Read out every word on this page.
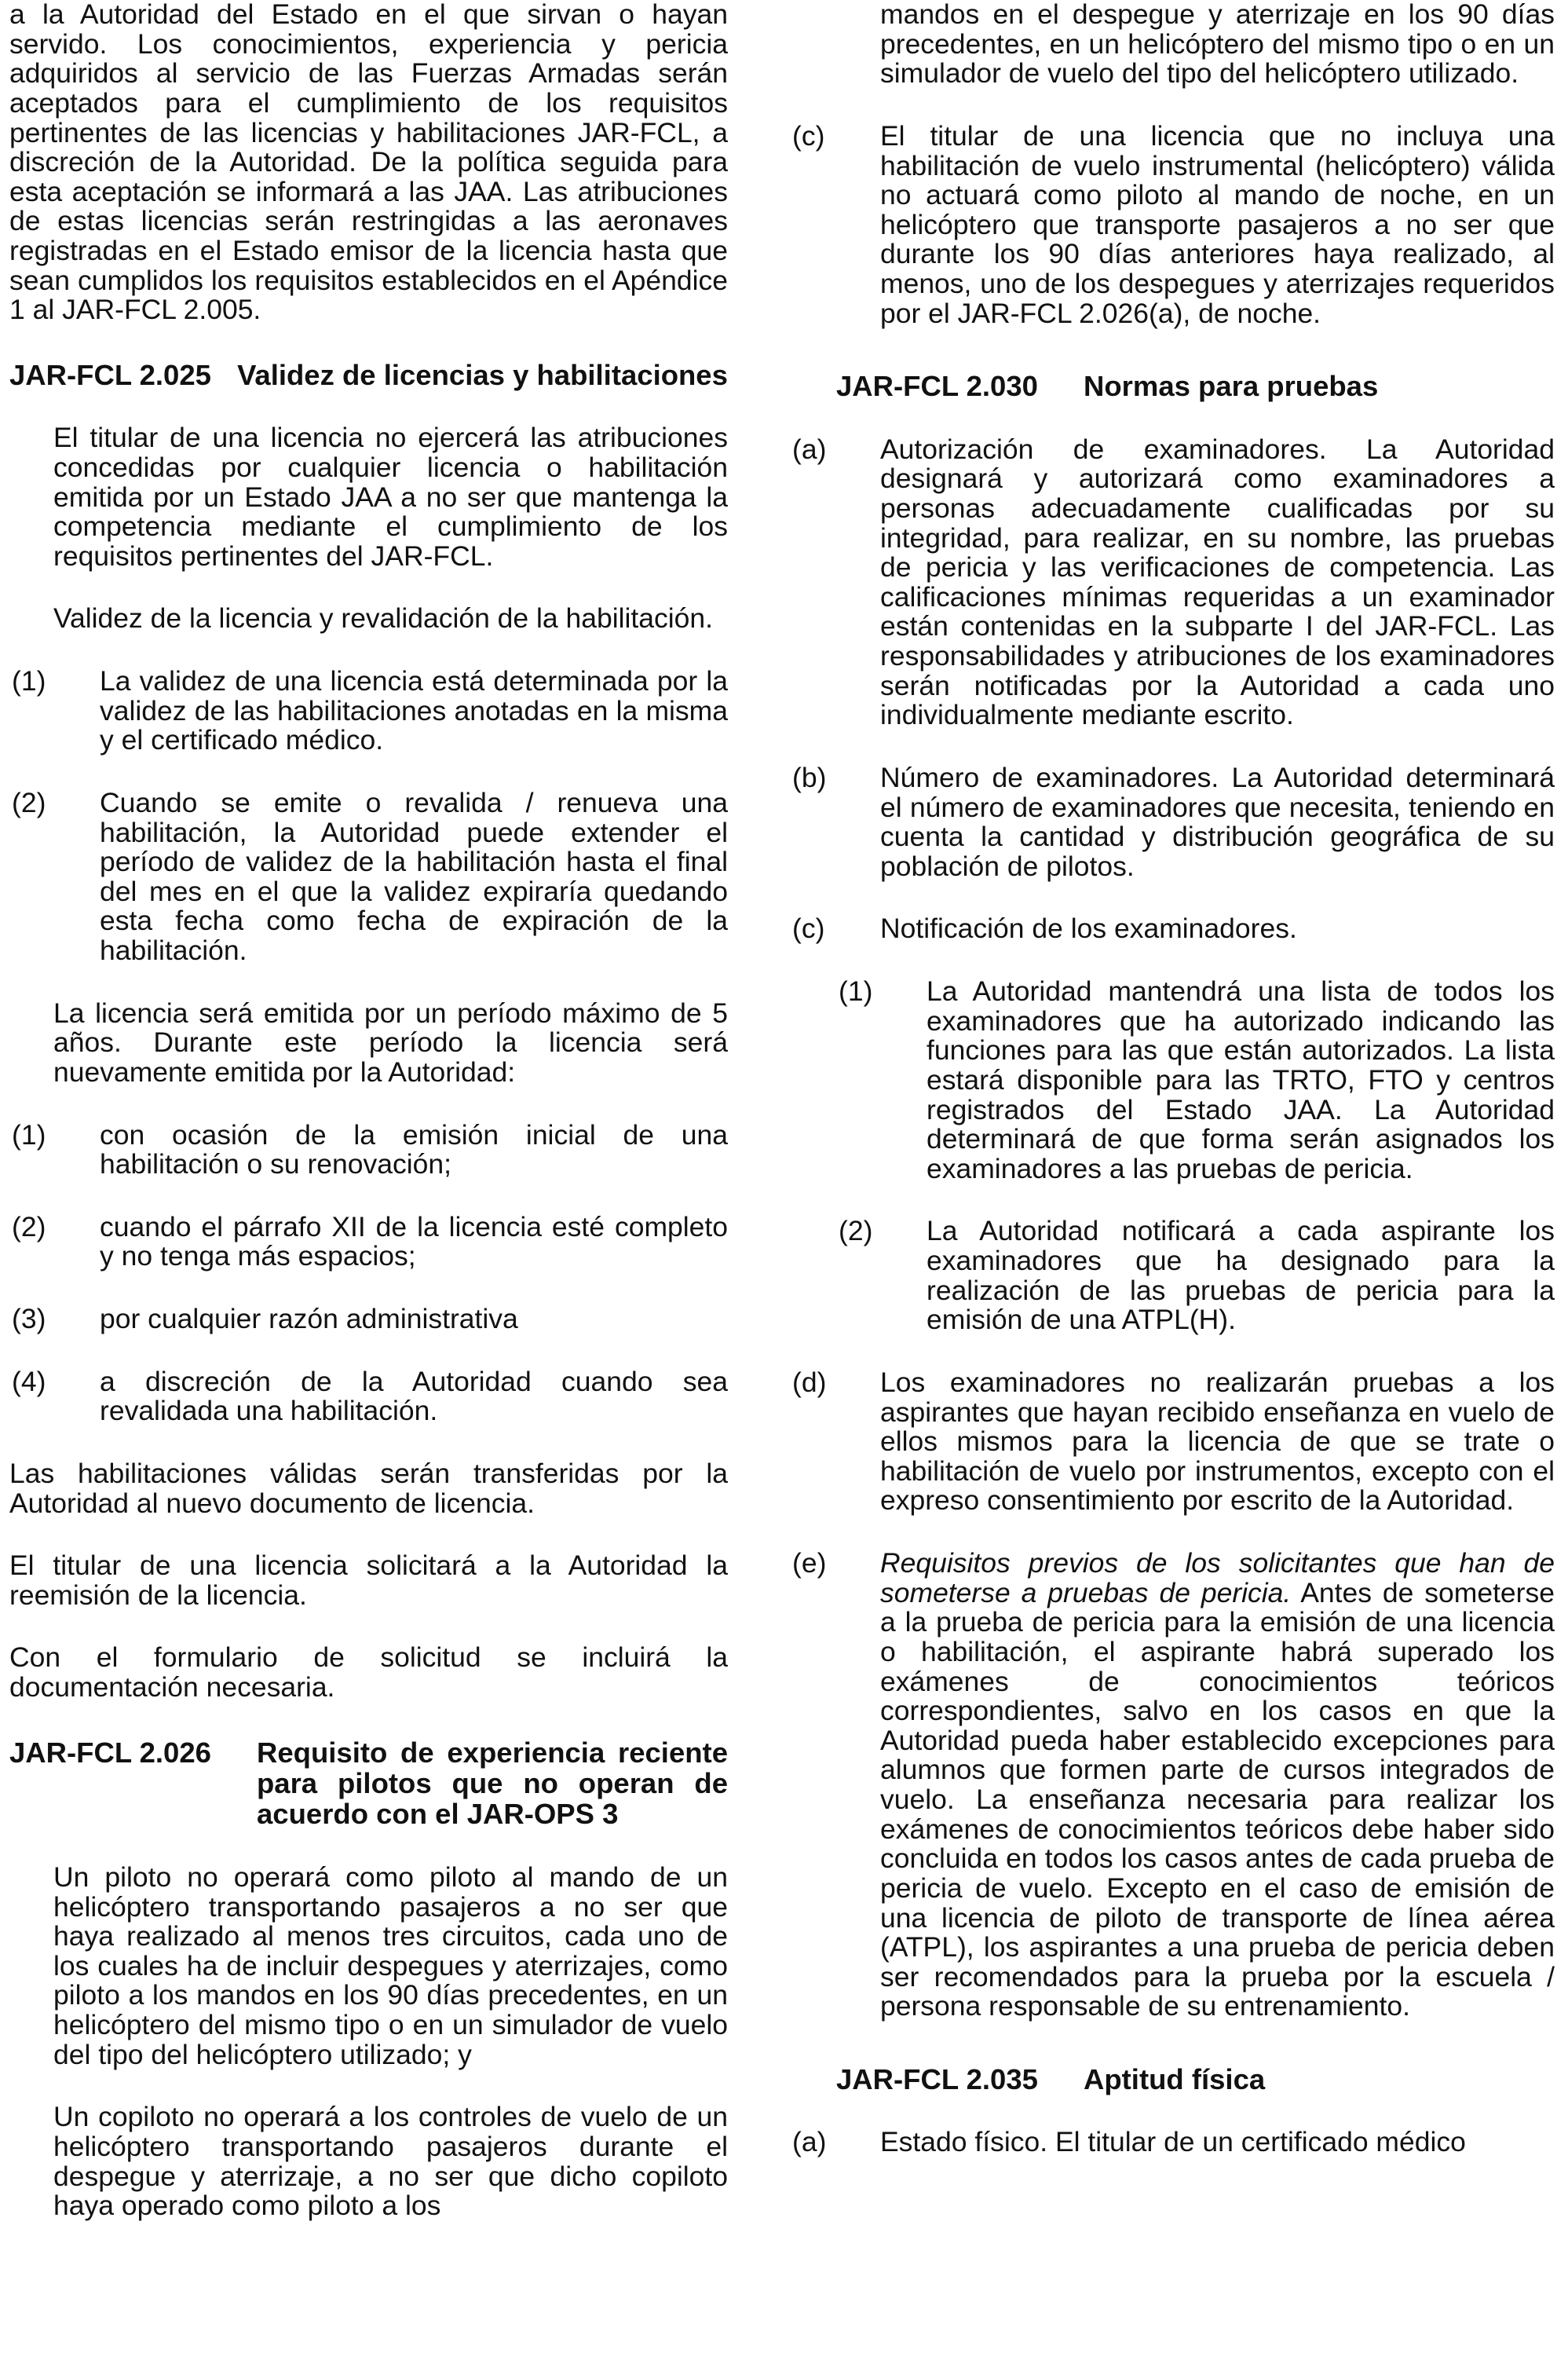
a la Autoridad del Estado en el que sirvan o hayan servido. Los conocimientos, experiencia y pericia adquiridos al servicio de las Fuerzas Armadas serán aceptados para el cumplimiento de los requisitos pertinentes de las licencias y habilitaciones JAR-FCL, a discreción de la Autoridad. De la política seguida para esta aceptación se informará a las JAA. Las atribuciones de estas licencias serán restringidas a las aeronaves registradas en el Estado emisor de la licencia hasta que sean cumplidos los requisitos establecidos en el Apéndice 1 al JAR-FCL 2.005.

JAR-FCL 2.025 Validez de licencias y habilitaciones

El titular de una licencia no ejercerá las atribuciones concedidas por cualquier licencia o habilitación emitida por un Estado JAA a no ser que mantenga la competencia mediante el cumplimiento de los requisitos pertinentes del JAR-FCL.

Validez de la licencia y revalidación de la habilitación.

(1) La validez de una licencia está determinada por la validez de las habilitaciones anotadas en la misma y el certificado médico.

(2) Cuando se emite o revalida / renueva una habilitación, la Autoridad puede extender el período de validez de la habilitación hasta el final del mes en el que la validez expiraría quedando esta fecha como fecha de expiración de la habilitación.

La licencia será emitida por un período máximo de 5 años. Durante este período la licencia será nuevamente emitida por la Autoridad:

(1) con ocasión de la emisión inicial de una habilitación o su renovación;

(2) cuando el párrafo XII de la licencia esté completo y no tenga más espacios;

(3) por cualquier razón administrativa

(4) a discreción de la Autoridad cuando sea revalidada una habilitación.

Las habilitaciones válidas serán transferidas por la Autoridad al nuevo documento de licencia.

El titular de una licencia solicitará a la Autoridad la reemisión de la licencia.

Con el formulario de solicitud se incluirá la documentación necesaria.

JAR-FCL 2.026	Requisito de experiencia reciente para pilotos que no operan de acuerdo con el JAR-OPS 3

Un piloto no operará como piloto al mando de un helicóptero transportando pasajeros a no ser que haya realizado al menos tres circuitos, cada uno de los cuales ha de incluir despegues y aterrizajes, como piloto a los mandos en los 90 días precedentes, en un helicóptero del mismo tipo o en un simulador de vuelo del tipo del helicóptero utilizado; y

Un copiloto no operará a los controles de vuelo de un helicóptero transportando pasajeros durante el despegue y aterrizaje, a no ser que dicho copiloto haya operado como piloto a los

mandos en el despegue y aterrizaje en los 90 días precedentes, en un helicóptero del mismo tipo o en un simulador de vuelo del tipo del helicóptero utilizado.

(c) El titular de una licencia que no incluya una habilitación de vuelo instrumental (helicóptero) válida no actuará como piloto al mando de noche, en un helicóptero que transporte pasajeros a no ser que durante los 90 días anteriores haya realizado, al menos, uno de los despegues y aterrizajes requeridos por el JAR-FCL 2.026(a), de noche.

JAR-FCL 2.030	Normas para pruebas

(a) Autorización de examinadores. La Autoridad designará y autorizará como examinadores a personas adecuadamente cualificadas por su integridad, para realizar, en su nombre, las pruebas de pericia y las verificaciones de competencia. Las calificaciones mínimas requeridas a un examinador están contenidas en la subparte I del JAR-FCL. Las responsabilidades y atribuciones de los examinadores serán notificadas por la Autoridad a cada uno individualmente mediante escrito.

(b) Número de examinadores. La Autoridad determinará el número de examinadores que necesita, teniendo en cuenta la cantidad y distribución geográfica de su población de pilotos.

(c) Notificación de los examinadores.

(1) La Autoridad mantendrá una lista de todos los examinadores que ha autorizado indicando las funciones para las que están autorizados. La lista estará disponible para las TRTO, FTO y centros registrados del Estado JAA. La Autoridad determinará de que forma serán asignados los examinadores a las pruebas de pericia.

(2) La Autoridad notificará a cada aspirante los examinadores que ha designado para la realización de las pruebas de pericia para la emisión de una ATPL(H).

(d) Los examinadores no realizarán pruebas a los aspirantes que hayan recibido enseñanza en vuelo de ellos mismos para la licencia de que se trate o habilitación de vuelo por instrumentos, excepto con el expreso consentimiento por escrito de la Autoridad.

(e) Requisitos previos de los solicitantes que han de someterse a pruebas de pericia. Antes de someterse a la prueba de pericia para la emisión de una licencia o habilitación, el aspirante habrá superado los exámenes de conocimientos teóricos correspondientes, salvo en los casos en que la Autoridad pueda haber establecido excepciones para alumnos que formen parte de cursos integrados de vuelo. La enseñanza necesaria para realizar los exámenes de conocimientos teóricos debe haber sido concluida en todos los casos antes de cada prueba de pericia de vuelo. Excepto en el caso de emisión de una licencia de piloto de transporte de línea aérea (ATPL), los aspirantes a una prueba de pericia deben ser recomendados para la prueba por la escuela / persona responsable de su entrenamiento.

JAR-FCL 2.035	Aptitud física

(a) Estado físico. El titular de un certificado médico
